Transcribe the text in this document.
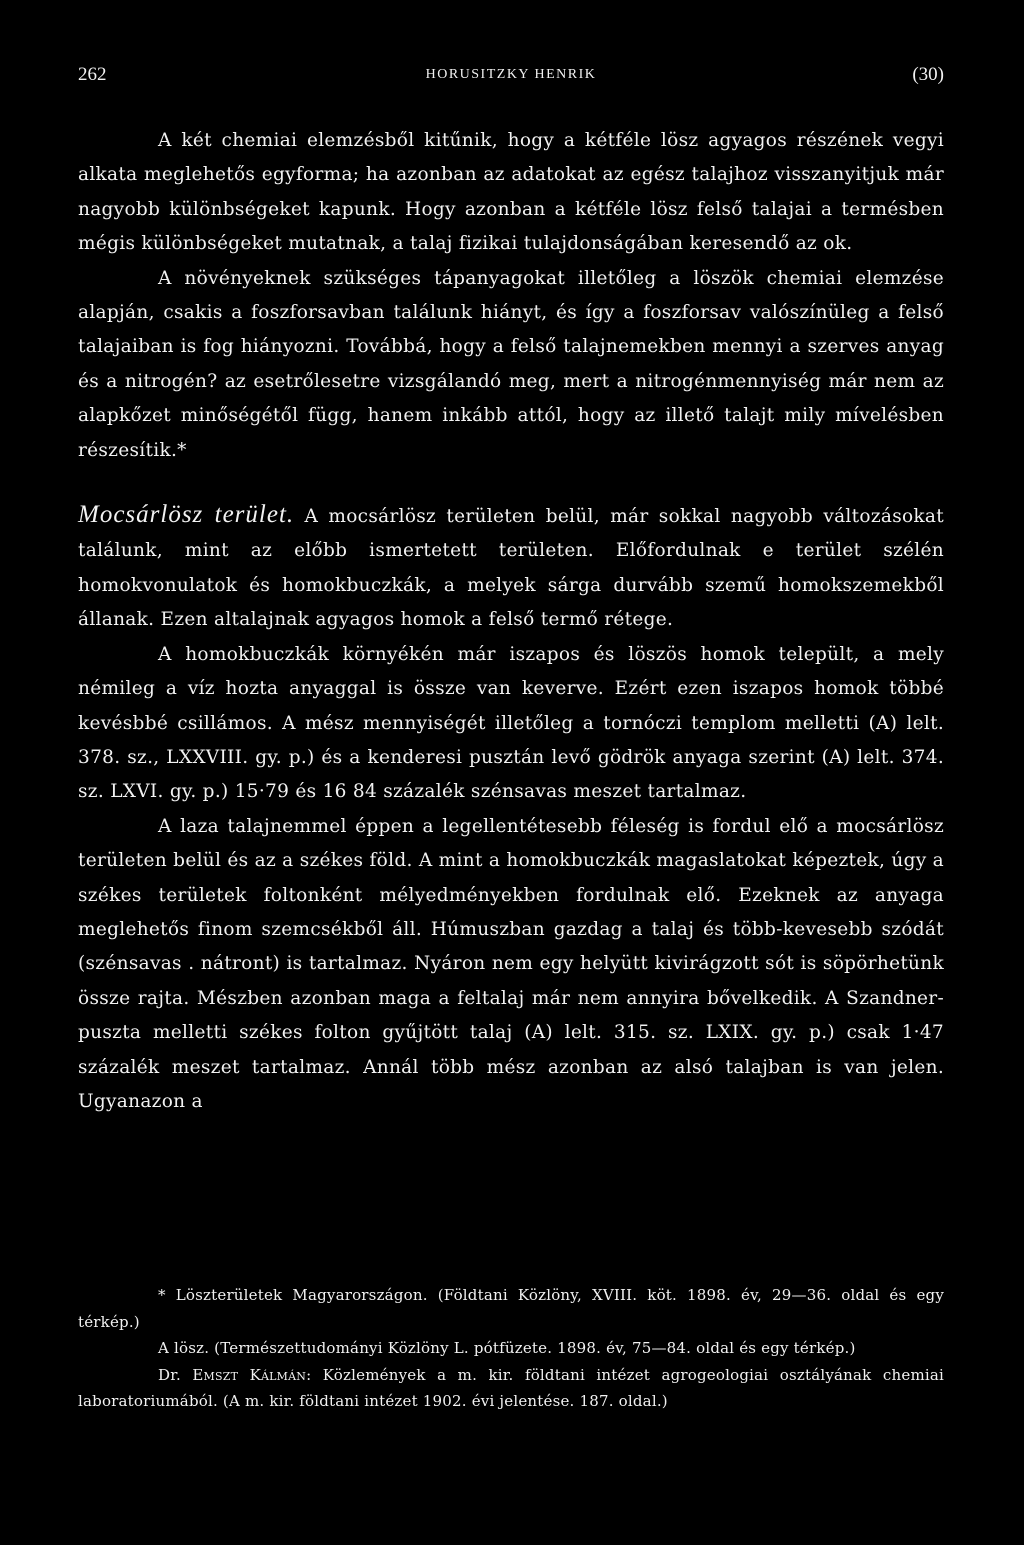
262	HORUSITZKY HENRIK	(30)

A két chemiai elemzésből kitűnik, hogy a kétféle lösz agyagos részének vegyi alkata meglehetős egyforma; ha azonban az adatokat az egész talajhoz visszanyitjuk már nagyobb különbségeket kapunk. Hogy azonban a kétféle lösz felső talajai a termésben mégis különbségeket mutatnak, a talaj fizikai tulajdonságában keresendő az ok.

A növényeknek szükséges tápanyagokat illetőleg a löszök chemiai elemzése alapján, csakis a foszforsavban találunk hiányt, és így a foszforsav valószínüleg a felső talajaiban is fog hiányozni. Továbbá, hogy a felső talajnemekben mennyi a szerves anyag és a nitrogén? az esetrőlesetre vizsgálandó meg, mert a nitrogénmennyiség már nem az alapkőzet minőségétől függ, hanem inkább attól, hogy az illető talajt mily mívelésben részesítik.*

Mocsárlösz terület. A mocsárlösz területen belül, már sokkal nagyobb változásokat találunk, mint az előbb ismertetett területen. Előfordulnak e terület szélén homokvonulatok és homokbuczkák, a melyek sárga durvább szemű homokszemekből állanak. Ezen altalajnak agyagos homok a felső termő rétege.

A homokbuczkák környékén már iszapos és löszös homok települt, a mely némileg a víz hozta anyaggal is össze van keverve. Ezért ezen iszapos homok többé kevésbbé csillámos. A mész mennyiségét illetőleg a tornóczi templom melletti (A) lelt. 378. sz., LXXVIII. gy. p.) és a kenderesi pusztán levő gödrök anyaga szerint (A) lelt. 374. sz. LXVI. gy. p.) 15·79 és 16 84 százalék szénsavas meszet tartalmaz.

A laza talajnemmel éppen a legellentétesebb féleség is fordul elő a mocsárlösz területen belül és az a székes föld. A mint a homokbuczkák magaslatokat képeztek, úgy a székes területek foltonként mélyedményekben fordulnak elő. Ezeknek az anyaga meglehetős finom szemcsékből áll. Húmuszban gazdag a talaj és több-kevesebb szódát (szénsavas . nátront) is tartalmaz. Nyáron nem egy helyütt kivirágzott sót is söpörhetünk össze rajta. Mészben azonban maga a feltalaj már nem annyira bővelkedik. A Szandner-puszta melletti székes folton gyűjtött talaj (A) lelt. 315. sz. LXIX. gy. p.) csak 1·47 százalék meszet tartalmaz. Annál több mész azonban az alsó talajban is van jelen. Ugyanazon a

* Löszterületek Magyarországon. (Földtani Közlöny, XVIII. köt. 1898. év, 29—36. oldal és egy térkép.)

A lösz. (Természettudományi Közlöny L. pótfüzete. 1898. év, 75—84. oldal és egy térkép.)

Dr. Emszt Kálmán: Közlemények a m. kir. földtani intézet agrogeologiai osztályának chemiai laboratoriumából. (A m. kir. földtani intézet 1902. évi jelentése. 187. oldal.)
